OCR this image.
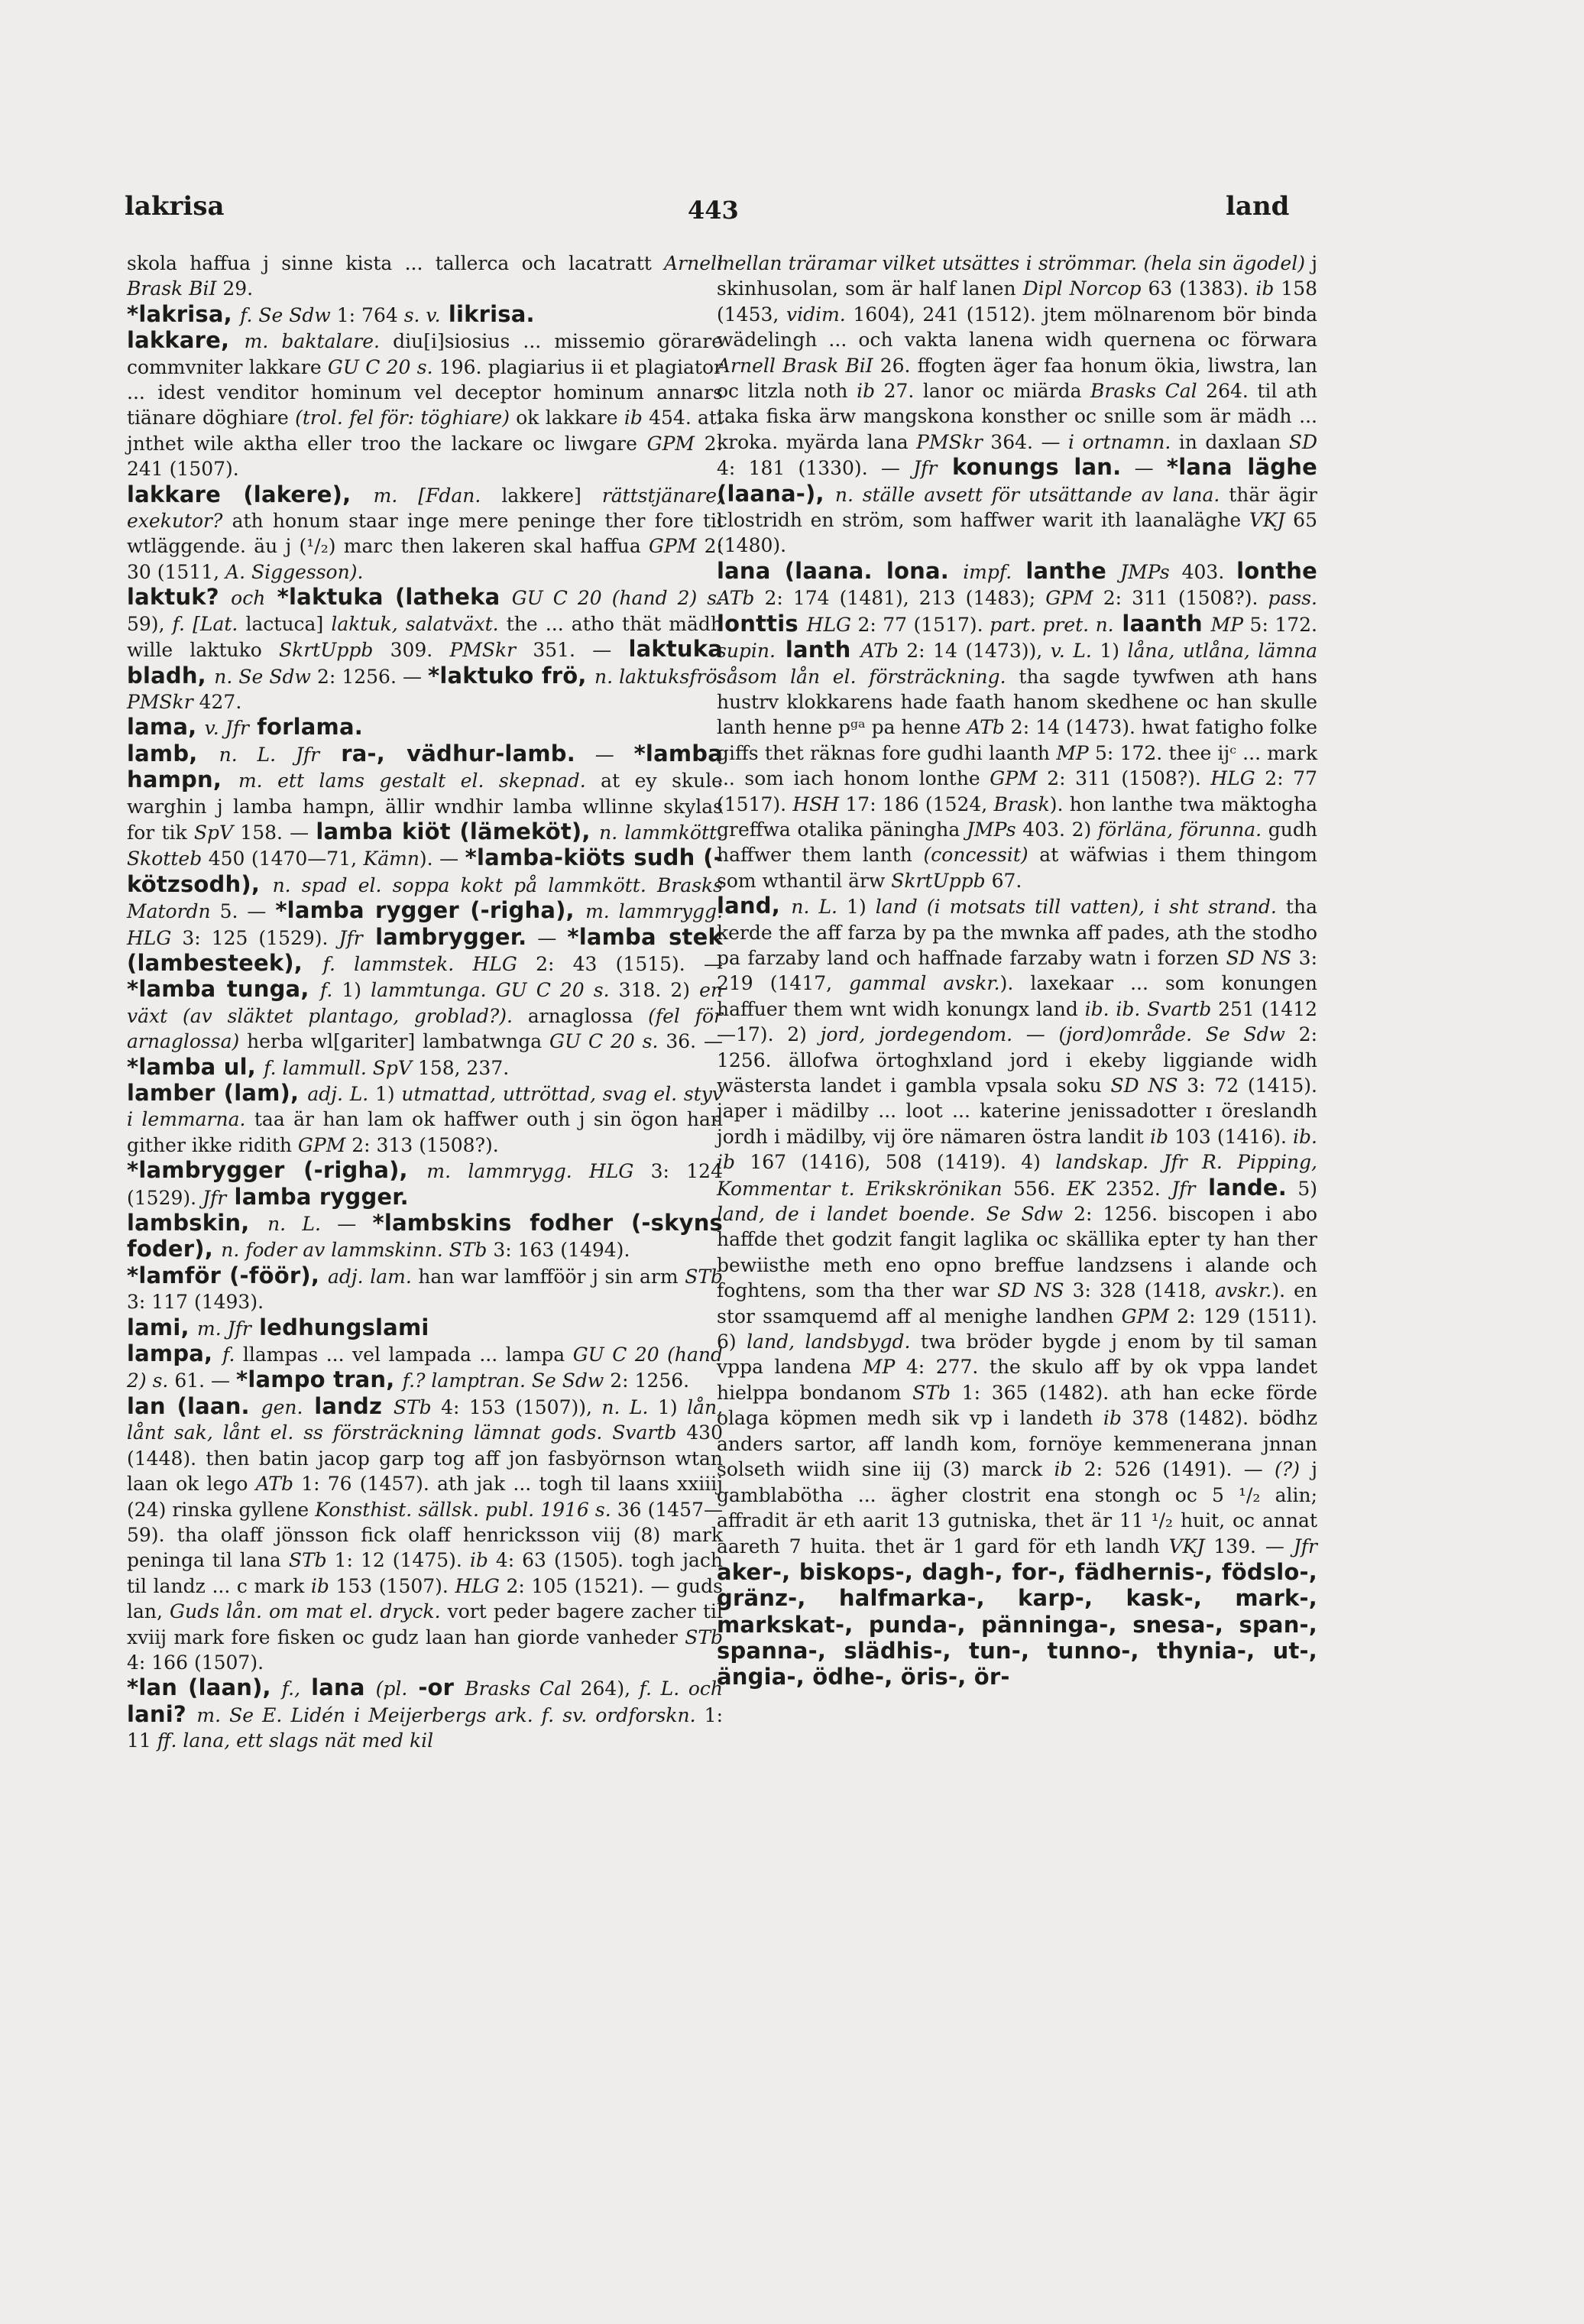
lakrisa	443	land

skola haffua j sinne kista ... tallerca och lacatratt Arnell Brask BiI 29.

*lakrisa, f. Se Sdw 1: 764 s. v. likrisa.

lakkare, m. baktalare. diu[i]siosius ... missemio görare commvniter lakkare GU C 20 s. 196. plagiarius ii et plagiator ... idest venditor hominum vel deceptor hominum annars tiänare döghiare (trol. fel för: töghiare) ok lakkare ib 454. ati jnthet wile aktha eller troo the lackare oc liwgare GPM 2: 241 (1507).

lakkare (lakere), m. [Fdan. lakkere] rättstjänare, exekutor? ath honum staar inge mere peninge ther fore til wtläggende. äu j (¹/₂) marc then lakeren skal haffua GPM 2: 30 (1511, A. Siggesson).

laktuk? och *laktuka (latheka GU C 20 (hand 2) s. 59), f. [Lat. lactuca] laktuk, salatväxt. the ... atho thät mädh wille laktuko SkrtUppb 309. PMSkr 351. — laktuka bladh, n. Se Sdw 2: 1256. — *laktuko frö, n. laktuksfrö. PMSkr 427.

lama, v. Jfr forlama.

lamb, n. L. Jfr ra-, vädhur-lamb. — *lamba hampn, m. ett lams gestalt el. skepnad. at ey skule warghin j lamba hampn, ällir wndhir lamba wllinne skylas for tik SpV 158. — lamba kiöt (lämeköt), n. lammkött. Skotteb 450 (1470—71, Kämn). — *lamba-kiöts sudh (-kötzsodh), n. spad el. soppa kokt på lammkött. Brasks Matordn 5. — *lamba rygger (-righa), m. lammrygg. HLG 3: 125 (1529). Jfr lambrygger. — *lamba stek (lambesteek), f. lammstek. HLG 2: 43 (1515). — *lamba tunga, f. 1) lammtunga. GU C 20 s. 318. 2) en växt (av släktet plantago, groblad?). arnaglossa (fel för arnaglossa) herba wl[gariter] lambatwnga GU C 20 s. 36. — *lamba ul, f. lammull. SpV 158, 237.

lamber (lam), adj. L. 1) utmattad, uttröttad, svag el. styv i lemmarna. taa är han lam ok haffwer outh j sin ögon han gither ikke ridith GPM 2: 313 (1508?).

*lambrygger (-righa), m. lammrygg. HLG 3: 124 (1529). Jfr lamba rygger.

lambskin, n. L. — *lambskins fodher (-skyns foder), n. foder av lammskinn. STb 3: 163 (1494).

*lamför (-föör), adj. lam. han war lamfföör j sin arm STb 3: 117 (1493).

lami, m. Jfr ledhungslami

lampa, f. llampas ... vel lampada ... lampa GU C 20 (hand 2) s. 61. — *lampo tran, f.? lamptran. Se Sdw 2: 1256.

lan (laan. gen. landz STb 4: 153 (1507)), n. L. 1) lån, lånt sak, lånt el. ss försträckning lämnat gods. Svartb 430 (1448). then batin jacop garp tog aff jon fasbyörnson wtan laan ok lego ATb 1: 76 (1457). ath jak ... togh til laans xxiiij (24) rinska gyllene Konsthist. sällsk. publ. 1916 s. 36 (1457—59). tha olaff jönsson fick olaff henricksson viij (8) mark peninga til lana STb 1: 12 (1475). ib 4: 63 (1505). togh jach til landz ... c mark ib 153 (1507). HLG 2: 105 (1521). — guds lan, Guds lån. om mat el. dryck. vort peder bagere zacher til xviij mark fore fisken oc gudz laan han giorde vanheder STb 4: 166 (1507).

*lan (laan), f., lana (pl. -or Brasks Cal 264), f. L. och lani? m. Se E. Lidén i Meijerbergs ark. f. sv. ordforskn. 1: 11 ff. lana, ett slags nät med kil

mellan träramar vilket utsättes i strömmar. (hela sin ägodel) j skinhusolan, som är half lanen Dipl Norcop 63 (1383). ib 158 (1453, vidim. 1604), 241 (1512). jtem mölnarenom bör binda wädelingh ... och vakta lanena widh quernena oc förwara Arnell Brask BiI 26. ffogten äger faa honum ökia, liwstra, lan oc litzla noth ib 27. lanor oc miärda Brasks Cal 264. til ath taka fiska ärw mangskona konsther oc snille som är mädh ... kroka. myärda lana PMSkr 364. — i ortnamn. in daxlaan SD 4: 181 (1330). — Jfr konungs lan. — *lana läghe (laana-), n. ställe avsett för utsättande av lana. thär ägir clostridh en ström, som haffwer warit ith laanaläghe VKJ 65 (1480).

lana (laana. lona. impf. lanthe JMPs 403. lonthe ATb 2: 174 (1481), 213 (1483); GPM 2: 311 (1508?). pass. lonttis HLG 2: 77 (1517). part. pret. n. laanth MP 5: 172. supin. lanth ATb 2: 14 (1473)), v. L. 1) låna, utlåna, lämna såsom lån el. försträckning. tha sagde tywfwen ath hans hustrv klokkarens hade faath hanom skedhene oc han skulle lanth henne pᵍᵃ pa henne ATb 2: 14 (1473). hwat fatigho folke giffs thet räknas fore gudhi laanth MP 5: 172. thee ijᶜ ... mark ... som iach honom lonthe GPM 2: 311 (1508?). HLG 2: 77 (1517). HSH 17: 186 (1524, Brask). hon lanthe twa mäktogha greffwa otalika päningha JMPs 403. 2) förläna, förunna. gudh haffwer them lanth (concessit) at wäfwias i them thingom som wthantil ärw SkrtUppb 67.

land, n. L. 1) land (i motsats till vatten), i sht strand. tha kerde the aff farza by pa the mwnka aff pades, ath the stodho pa farzaby land och haffnade farzaby watn i forzen SD NS 3: 219 (1417, gammal avskr.). laxekaar ... som konungen haffuer them wnt widh konungx land ib. ib. Svartb 251 (1412—17). 2) jord, jordegendom. — (jord)område. Se Sdw 2: 1256. ällofwa örtoghxland jord i ekeby liggiande widh wästersta landet i gambla vpsala soku SD NS 3: 72 (1415). japer i mädilby ... loot ... katerine jenissadotter ɪ öreslandh jordh i mädilby, vij öre nämaren östra landit ib 103 (1416). ib. ib 167 (1416), 508 (1419). 4) landskap. Jfr R. Pipping, Kommentar t. Erikskrönikan 556. EK 2352. Jfr lande. 5) land, de i landet boende. Se Sdw 2: 1256. biscopen i abo haffde thet godzit fangit laglika oc skällika epter ty han ther bewiisthe meth eno opno breffue landzsens i alande och foghtens, som tha ther war SD NS 3: 328 (1418, avskr.). en stor ssamquemd aff al menighe landhen GPM 2: 129 (1511). 6) land, landsbygd. twa bröder bygde j enom by til saman vppa landena MP 4: 277. the skulo aff by ok vppa landet hielppa bondanom STb 1: 365 (1482). ath han ecke förde olaga köpmen medh sik vp i landeth ib 378 (1482). bödhz anders sartor, aff landh kom, fornöye kemmenerana jnnan solseth wiidh sine iij (3) marck ib 2: 526 (1491). — (?) j gamblabötha ... ägher clostrit ena stongh oc 5 ¹/₂ alin; affradit är eth aarit 13 gutniska, thet är 11 ¹/₂ huit, oc annat aareth 7 huita. thet är 1 gard för eth landh VKJ 139. — Jfr aker-, biskops-, dagh-, for-, fädhernis-, födslo-, gränz-, halfmarka-, karp-, kask-, mark-, markskat-, punda-, pänninga-, snesa-, span-, spanna-, slädhis-, tun-, tunno-, thynia-, ut-, ängia-, ödhe-, öris-, ör-
